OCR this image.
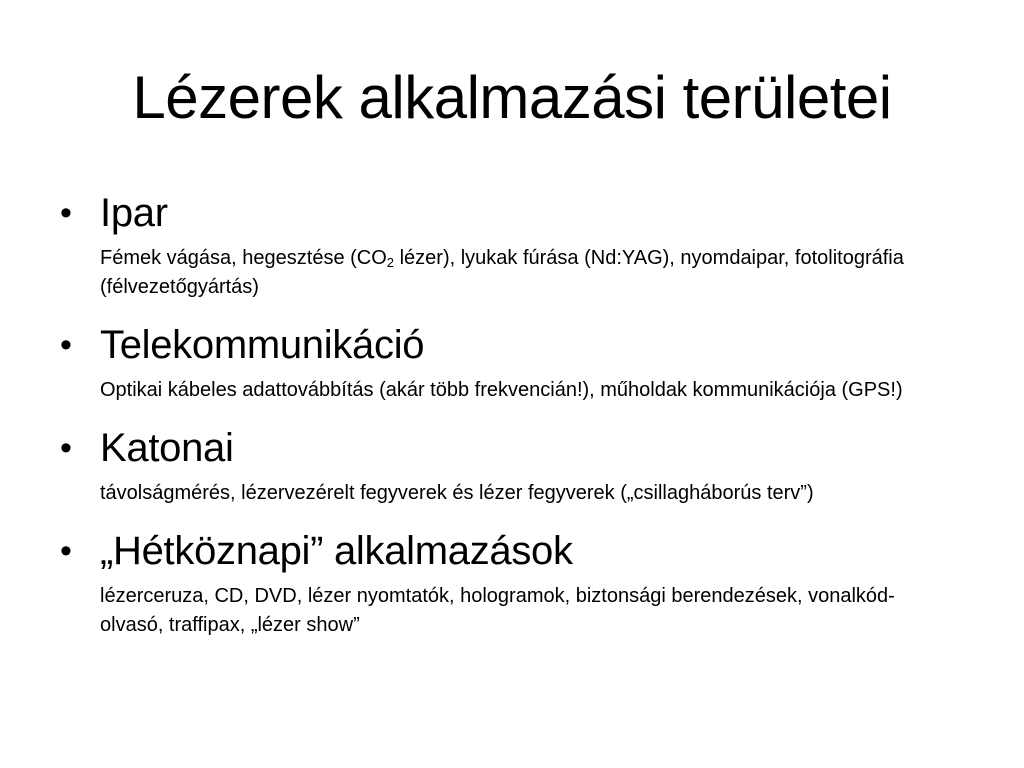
Lézerek alkalmazási területei
• Ipar
Fémek vágása, hegesztése ($CO_2$ lézer), lyukak fúrása (Nd:YAG), nyomdaipar, fotolitográfia (félvezetőgyártás)
• Telekommunikáció
Optikai kábeles adattovábbítás (akár több frekvencián!), műholdak kommunikációja (GPS!)
• Katonai
távolságmérés, lézervezérelt fegyverek és lézer fegyverek („csillagháborús terv”)
• „Hétköznapi” alkalmazások
lézerceruza, CD, DVD, lézer nyomtatók, hologramok, biztonsági berendezések, vonalkód-olvasó, traffipax, „lézer show”
